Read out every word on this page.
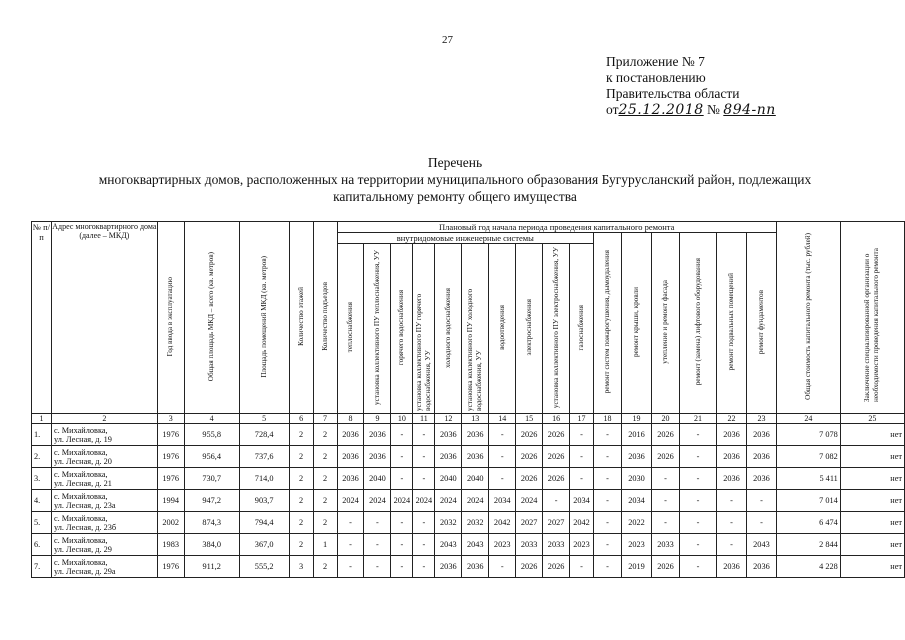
27
Приложение № 7
к постановлению
Правительства области
от25.12.2018 № 894-пп
Перечень
многоквартирных домов, расположенных на территории муниципального образования Бугурусланский район, подлежащих
капитальному ремонту общего имущества
№ п/п	Адрес многоквартирного дома (далее – МКД)	Год ввода в эксплуатацию	Общая площадь МКД – всего (кв. метров)	Площадь помещений МКД (кв. метров)	Количество этажей	Количество подъездов	Плановый год начала периода проведения капитального ремонта																Общая стоимость капитального ремонта (тыс. рублей)	Заключение специализированной организации о необходимости проведения капитального ремонта
							внутридомовые инженерные системы										ремонт систем пожарогушения, дымоудаления	ремонт крыши, кровли	утепление и ремонт фасада	ремонт (замена) лифтового оборудования	ремонт подвальных помещений	ремонт фундаментов		
							теплоснабжения	установка коллективного ПУ теплоснабжения, УУ	горячего водоснабжения	установка коллективного ПУ горячего водоснабжения, УУ	холодного водоснабжения	установка коллективного ПУ холодного водоснабжения, УУ	водоотведения	электроснабжения	установка коллективного ПУ электроснабжения, УУ	газоснабжения								
1	2	3	4	5	6	7	8	9	10	11	12	13	14	15	16	17	18	19	20	21	22	23	24	25
1.	с. Михайловка,
ул. Лесная, д. 19	1976	955,8	728,4	2	2	2036	2036	-	-	2036	2036	-	2026	2026	-	-	2016	2026	-	2036	2036	7 078	нет
2.	с. Михайловка,
ул. Лесная, д. 20	1976	956,4	737,6	2	2	2036	2036	-	-	2036	2036	-	2026	2026	-	-	2036	2026	-	2036	2036	7 082	нет
3.	с. Михайловка,
ул. Лесная, д. 21	1976	730,7	714,0	2	2	2036	2040	-	-	2040	2040	-	2026	2026	-	-	2030	-	-	2036	2036	5 411	нет
4.	с. Михайловка,
ул. Лесная, д. 23а	1994	947,2	903,7	2	2	2024	2024	2024	2024	2024	2024	2034	2024	-	2034	-	2034	-	-	-	-	7 014	нет
5.	с. Михайловка,
ул. Лесная, д. 23б	2002	874,3	794,4	2	2	-	-	-	-	2032	2032	2042	2027	2027	2042	-	2022	-	-	-	-	6 474	нет
6.	с. Михайловка,
ул. Лесная, д. 29	1983	384,0	367,0	2	1	-	-	-	-	2043	2043	2023	2033	2033	2023	-	2023	2033	-	-	2043	2 844	нет
7.	с. Михайловка,
ул. Лесная, д. 29а	1976	911,2	555,2	3	2	-	-	-	-	2036	2036	-	2026	2026	-	-	2019	2026	-	2036	2036	4 228	нет
